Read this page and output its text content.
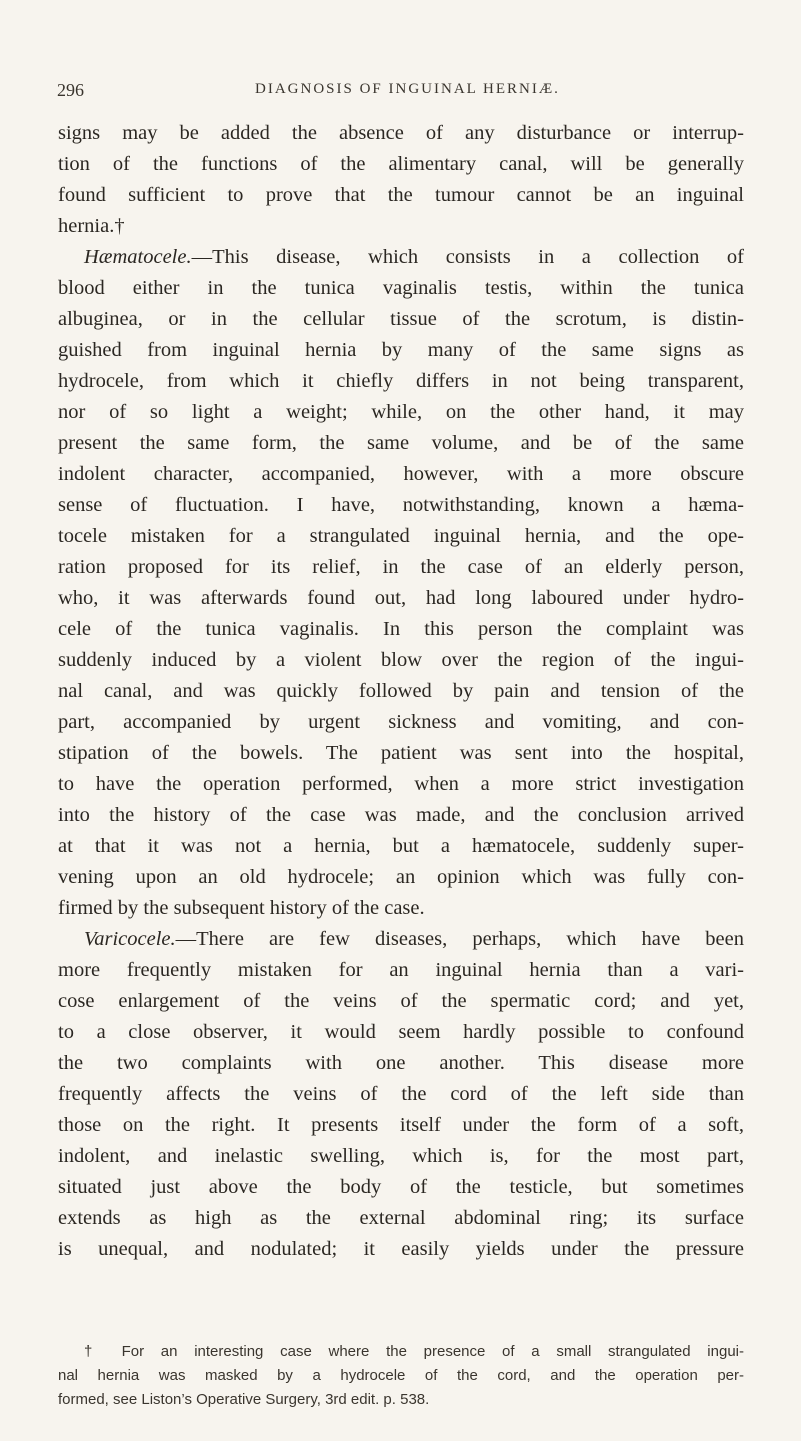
296	DIAGNOSIS OF INGUINAL HERNIÆ.
signs may be added the absence of any disturbance or interrup-
tion of the functions of the alimentary canal, will be generally
found sufficient to prove that the tumour cannot be an inguinal
hernia.†
Hæmatocele.—This disease, which consists in a collection of
blood either in the tunica vaginalis testis, within the tunica
albuginea, or in the cellular tissue of the scrotum, is distin-
guished from inguinal hernia by many of the same signs as
hydrocele, from which it chiefly differs in not being transparent,
nor of so light a weight; while, on the other hand, it may
present the same form, the same volume, and be of the same
indolent character, accompanied, however, with a more obscure
sense of fluctuation. I have, notwithstanding, known a hæma-
tocele mistaken for a strangulated inguinal hernia, and the ope-
ration proposed for its relief, in the case of an elderly person,
who, it was afterwards found out, had long laboured under hydro-
cele of the tunica vaginalis. In this person the complaint was
suddenly induced by a violent blow over the region of the ingui-
nal canal, and was quickly followed by pain and tension of the
part, accompanied by urgent sickness and vomiting, and con-
stipation of the bowels. The patient was sent into the hospital,
to have the operation performed, when a more strict investigation
into the history of the case was made, and the conclusion arrived
at that it was not a hernia, but a hæmatocele, suddenly super-
vening upon an old hydrocele; an opinion which was fully con-
firmed by the subsequent history of the case.
Varicocele.—There are few diseases, perhaps, which have been
more frequently mistaken for an inguinal hernia than a vari-
cose enlargement of the veins of the spermatic cord; and yet,
to a close observer, it would seem hardly possible to confound
the two complaints with one another. This disease more
frequently affects the veins of the cord of the left side than
those on the right. It presents itself under the form of a soft,
indolent, and inelastic swelling, which is, for the most part,
situated just above the body of the testicle, but sometimes
extends as high as the external abdominal ring; its surface
is unequal, and nodulated; it easily yields under the pressure
† For an interesting case where the presence of a small strangulated ingui-
nal hernia was masked by a hydrocele of the cord, and the operation per-
formed, see Liston’s Operative Surgery, 3rd edit. p. 538.
